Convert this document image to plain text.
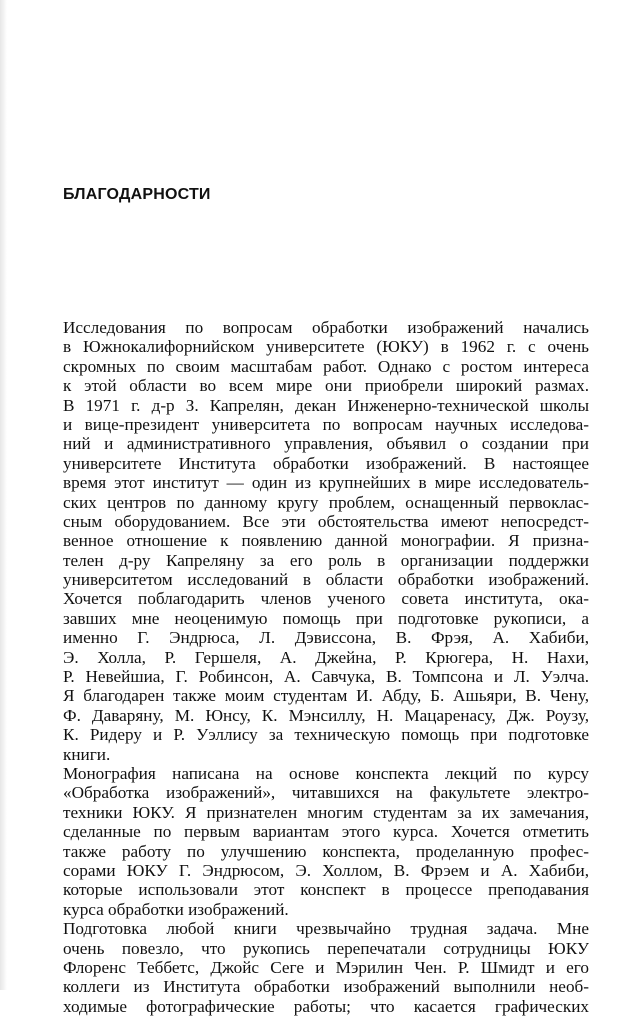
БЛАГОДАРНОСТИ
Исследования по вопросам обработки изображений начались
в Южнокалифорнийском университете (ЮКУ) в 1962 г. с очень
скромных по своим масштабам работ. Однако с ростом интереса
к этой области во всем мире они приобрели широкий размах.
В 1971 г. д-р З. Капрелян, декан Инженерно-технической школы
и вице-президент университета по вопросам научных исследова-
ний и административного управления, объявил о создании при
университете Института обработки изображений. В настоящее
время этот институт — один из крупнейших в мире исследователь-
ских центров по данному кругу проблем, оснащенный первоклас-
сным оборудованием. Все эти обстоятельства имеют непосредст-
венное отношение к появлению данной монографии. Я призна-
телен д-ру Капреляну за его роль в организации поддержки
университетом исследований в области обработки изображений.
Хочется поблагодарить членов ученого совета института, ока-
завших мне неоценимую помощь при подготовке рукописи, а
именно Г. Эндрюса, Л. Дэвиссона, В. Фрэя, А. Хабиби,
Э. Холла, Р. Гершеля, А. Джейна, Р. Крюгера, Н. Нахи,
Р. Невейшиа, Г. Робинсон, А. Савчука, В. Томпсона и Л. Уэлча.
Я благодарен также моим студентам И. Абду, Б. Ашьяри, В. Чену,
Ф. Даваряну, М. Юнсу, К. Мэнсиллу, Н. Мацаренасу, Дж. Роузу,
К. Ридеру и Р. Уэллису за техническую помощь при подготовке
книги.
Монография написана на основе конспекта лекций по курсу
«Обработка изображений», читавшихся на факультете электро-
техники ЮКУ. Я признателен многим студентам за их замечания,
сделанные по первым вариантам этого курса. Хочется отметить
также работу по улучшению конспекта, проделанную профес-
сорами ЮКУ Г. Эндрюсом, Э. Холлом, В. Фрэем и А. Хабиби,
которые использовали этот конспект в процессе преподавания
курса обработки изображений.
Подготовка любой книги чрезвычайно трудная задача. Мне
очень повезло, что рукопись перепечатали сотрудницы ЮКУ
Флоренс Теббетс, Джойс Сеге и Мэрилин Чен. Р. Шмидт и его
коллеги из Института обработки изображений выполнили необ-
ходимые фотографические работы; что касается графических
